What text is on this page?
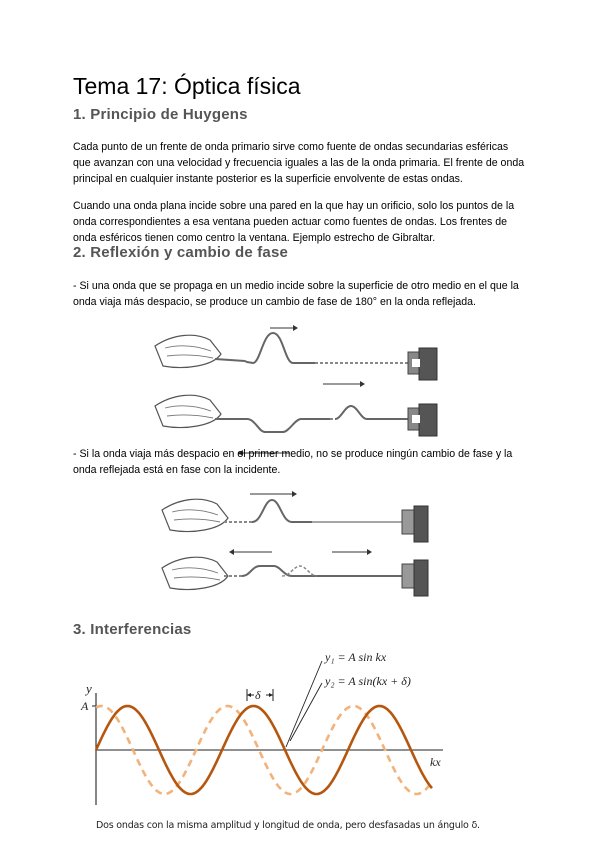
Tema 17: Óptica física
1. Principio de Huygens

Cada punto de un frente de onda primario sirve como fuente de ondas secundarias esféricas que avanzan con una velocidad y frecuencia iguales a las de la onda primaria. El frente de onda principal en cualquier instante posterior es la superficie envolvente de estas ondas.

Cuando una onda plana incide sobre una pared en la que hay un orificio, solo los puntos de la onda correspondientes a esa ventana pueden actuar como fuentes de ondas. Los frentes de onda esféricos tienen como centro la ventana. Ejemplo estrecho de Gibraltar.

2. Reflexión y cambio de fase

- Si una onda que se propaga en un medio incide sobre la superficie de otro medio en el que la onda viaja más despacio, se produce un cambio de fase de 180° en la onda reflejada.

- Si la onda viaja más despacio en el primer medio, no se produce ningún cambio de fase y la onda reflejada está en fase con la incidente.

3. Interferencias
y
A
kx
δ
y₁ = A sin kx
y₂ = A sin(kx + δ)
Dos ondas con la misma amplitud y longitud de onda, pero desfasadas un ángulo δ.
